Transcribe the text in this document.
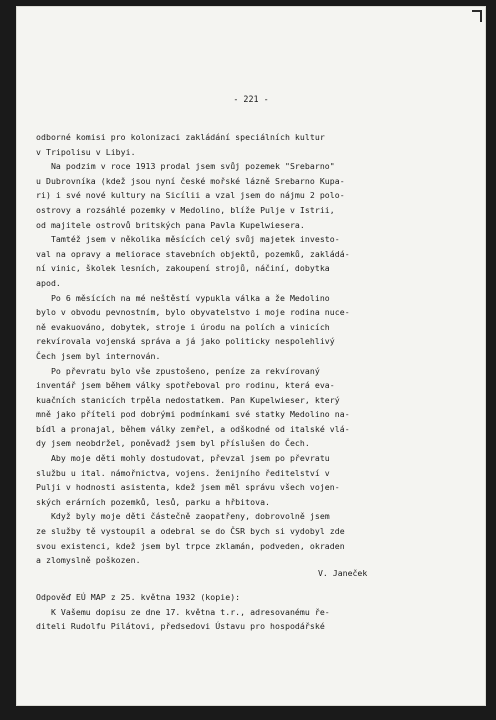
- 221 -
odborné komisi pro kolonizaci zakládání speciálních kultur
v Tripolisu v Libyi.
Na podzim v roce 1913 prodal jsem svůj pozemek "Srebarno"
u Dubrovníka (kdež jsou nyní české mořské lázně Srebarno Kupa-
ri) i své nové kultury na Sicílii a vzal jsem do nájmu 2 polo-
ostrovy a rozsáhlé pozemky v Medolino, blíže Pulje v Istrii,
od majitele ostrovů britských pana Pavla Kupelwiesera.
Tamtéž jsem v několika měsících celý svůj majetek investo-
val na opravy a meliorace stavebních objektů, pozemků, zakládá-
ní vinic, školek lesních, zakoupení strojů, náčiní, dobytka
apod.
Po 6 měsících na mé neštěstí vypukla válka a že Medolino
bylo v obvodu pevnostním, bylo obyvatelstvo i moje rodina nuce-
ně evakuováno, dobytek, stroje i úrodu na polích a vinicích
rekvírovala vojenská správa a já jako politicky nespolehlivý
Čech jsem byl internován.
Po převratu bylo vše zpustošeno, peníze za rekvírovaný
inventář jsem během války spotřeboval pro rodinu, která eva-
kuačních stanicích trpěla nedostatkem. Pan Kupelwieser, který
mně jako příteli pod dobrými podmínkami své statky Medolino na-
bídl a pronajal, během války zemřel, a odškodné od italské vlá-
dy jsem neobdržel, poněvadž jsem byl příslušen do Čech.
Aby moje děti mohly dostudovat, převzal jsem po převratu
službu u ital. námořnictva, vojens. ženijního ředitelství v
Pulji v hodnosti asistenta, kdež jsem měl správu všech vojen-
ských erárních pozemků, lesů, parku a hřbitova.
Když byly moje děti částečně zaopatřeny, dobrovolně jsem
ze služby tě vystoupil a odebral se do ČSR bych si vydobyl zde
svou existenci, kdež jsem byl trpce zklamán, podveden, okraden
a zlomyslně poškozen.
V. Janeček
Odpověď EÚ MAP z 25. května 1932 (kopie):
K Vašemu dopisu ze dne 17. května t.r., adresovanému ře-
diteli Rudolfu Pilátovi, předsedovi Ústavu pro hospodářské
